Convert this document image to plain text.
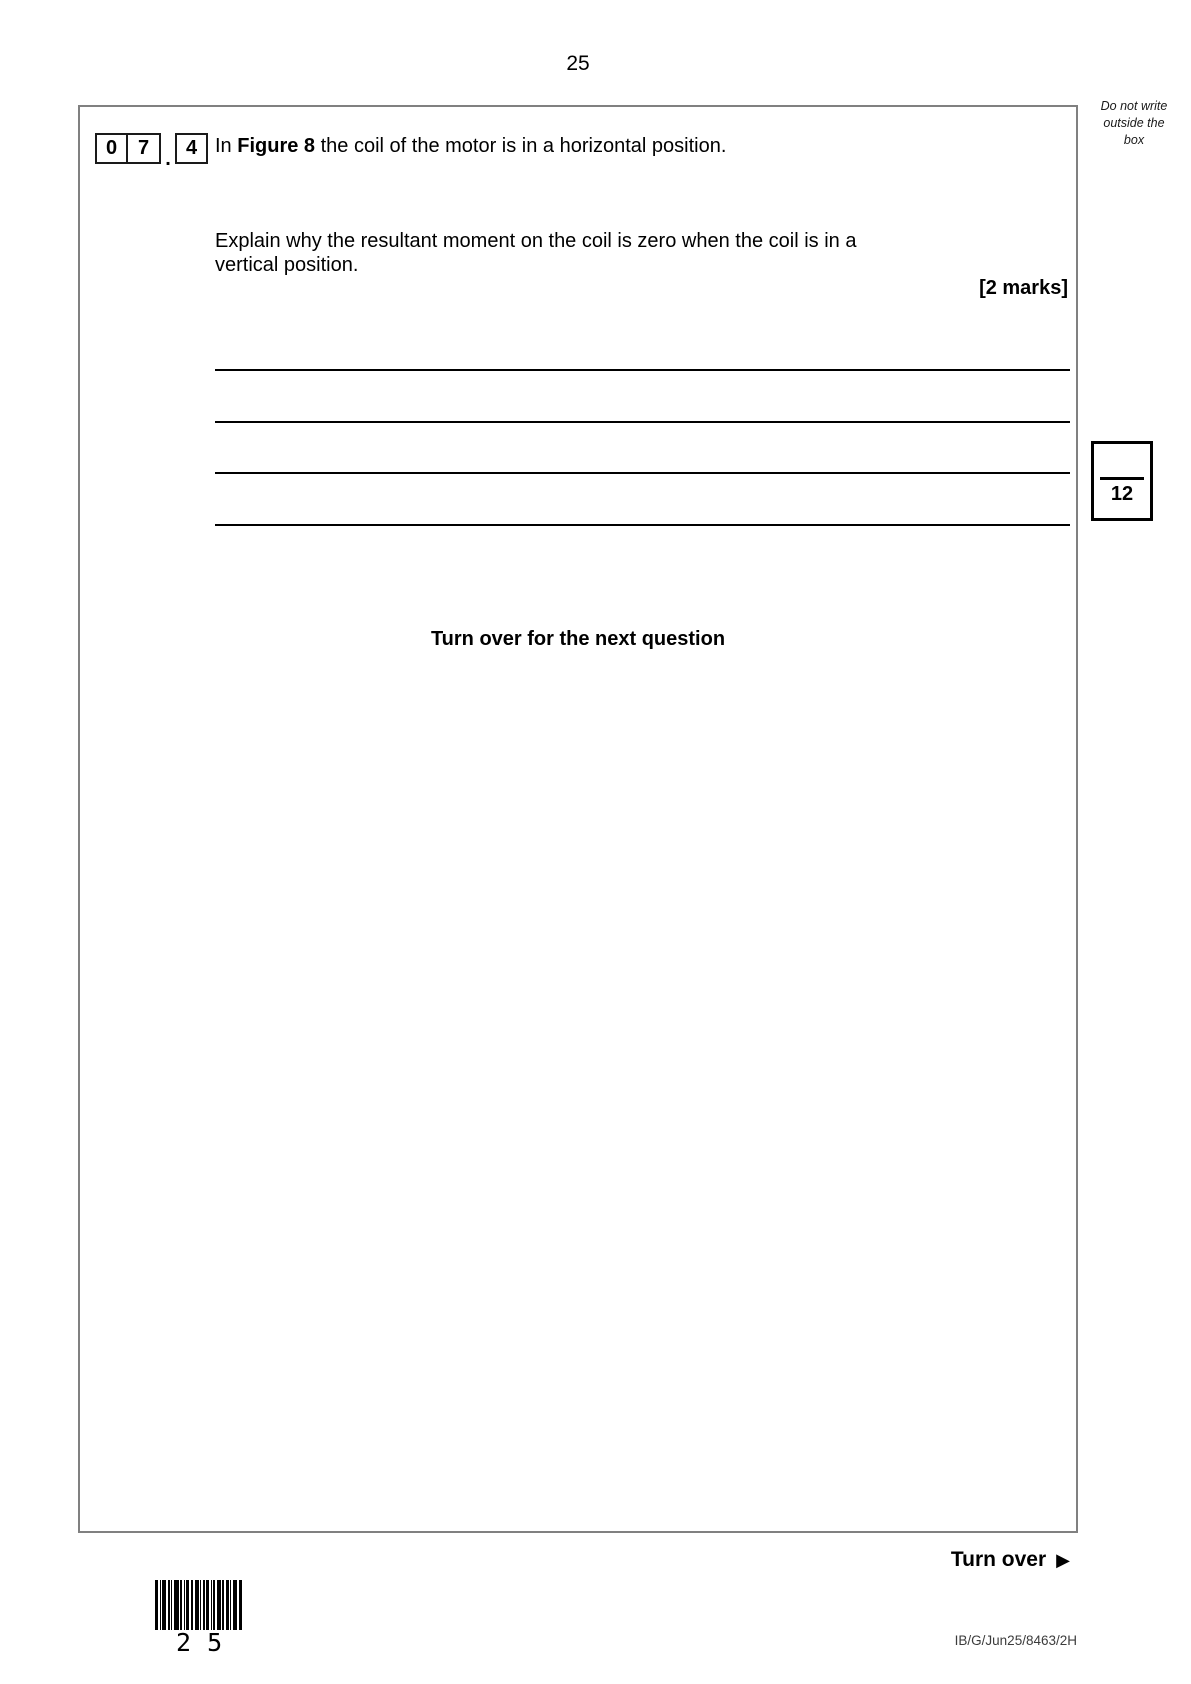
25
Do not write
outside the
box
0	7 . 4 In Figure 8 the coil of the motor is in a horizontal position.
Explain why the resultant moment on the coil is zero when the coil is in a
vertical position.
[2 marks]
Turn over for the next question
12
Turn over ▶
2 5	IB/G/Jun25/8463/2H
